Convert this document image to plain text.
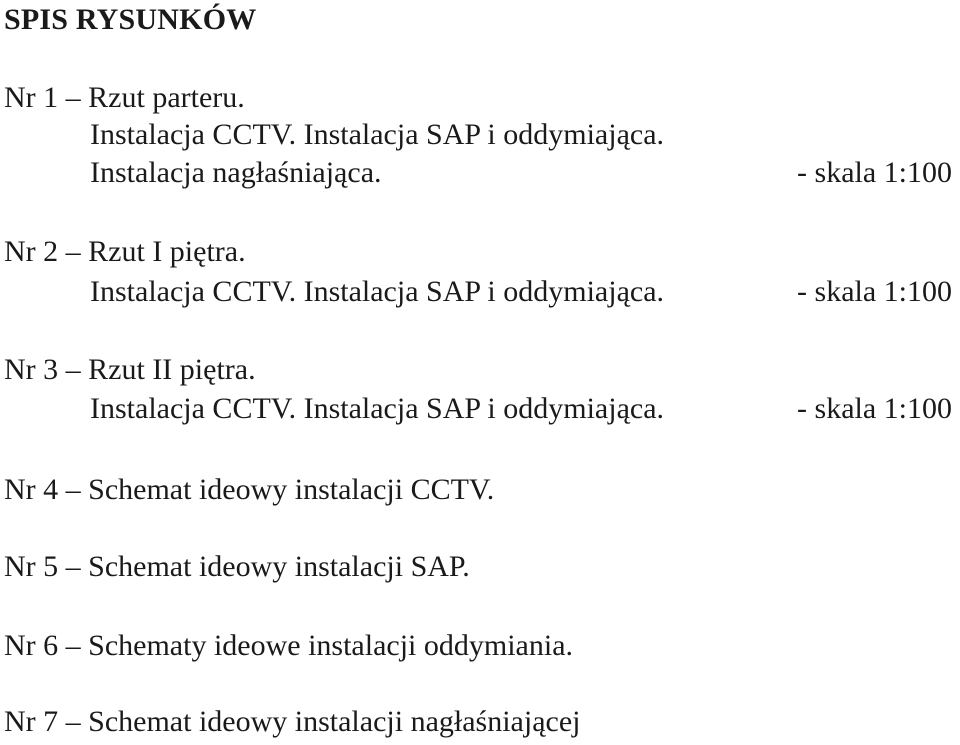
SPIS RYSUNKÓW
Nr 1 – Rzut parteru.
Instalacja CCTV. Instalacja SAP i oddymiająca.
Instalacja nagłaśniająca.	- skala 1:100
Nr 2 – Rzut I piętra.
Instalacja CCTV. Instalacja SAP i oddymiająca.	- skala 1:100
Nr 3 – Rzut II piętra.
Instalacja CCTV. Instalacja SAP i oddymiająca.	- skala 1:100
Nr 4 – Schemat ideowy instalacji CCTV.
Nr 5 – Schemat ideowy instalacji SAP.
Nr 6 – Schematy ideowe instalacji oddymiania.
Nr 7 – Schemat ideowy instalacji nagłaśniającej
